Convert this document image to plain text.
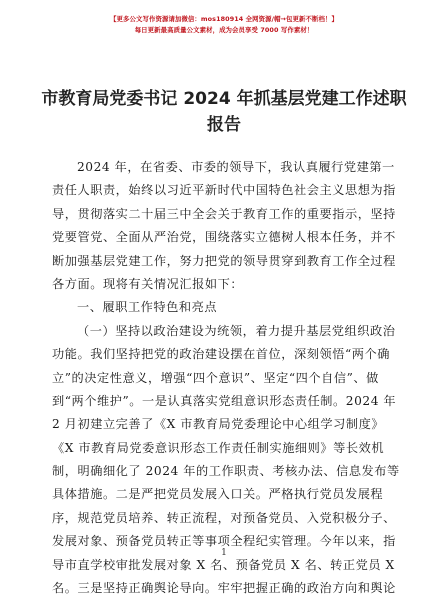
【更多公文写作资源请加微信：mos180914 全网资源/帽→包更新不断档！】
每日更新最高质量公文素材，成为会员享受 7000 写作素材！
市教育局党委书记 2024 年抓基层党建工作述职
报告
2024 年，在省委、市委的领导下，我认真履行党建第一
责任人职责，始终以习近平新时代中国特色社会主义思想为指
导，贯彻落实二十届三中全会关于教育工作的重要指示，坚持
党要管党、全面从严治党，围绕落实立德树人根本任务，并不
断加强基层党建工作，努力把党的领导贯穿到教育工作全过程
各方面。现将有关情况汇报如下：
一、履职工作特色和亮点
（一）坚持以政治建设为统领，着力提升基层党组织政治
功能。我们坚持把党的政治建设摆在首位，深刻领悟“两个确
立”的决定性意义，增强“四个意识”、坚定“四个自信”、做
到“两个维护”。一是认真落实党组意识形态责任制。2024 年
2 月初建立完善了《X 市教育局党委理论中心组学习制度》
《X 市教育局党委意识形态工作责任制实施细则》等长效机
制，明确细化了 2024 年的工作职责、考核办法、信息发布等
具体措施。二是严把党员发展入口关。严格执行党员发展程
序，规范党员培养、转正流程，对预备党员、入党积极分子、
发展对象、预备党员转正等事项全程纪实管理。今年以来，指
导市直学校审批发展对象 X 名、预备党员 X 名、转正党员 X
名。三是坚持正确舆论导向。牢牢把握正确的政治方向和舆论
1
